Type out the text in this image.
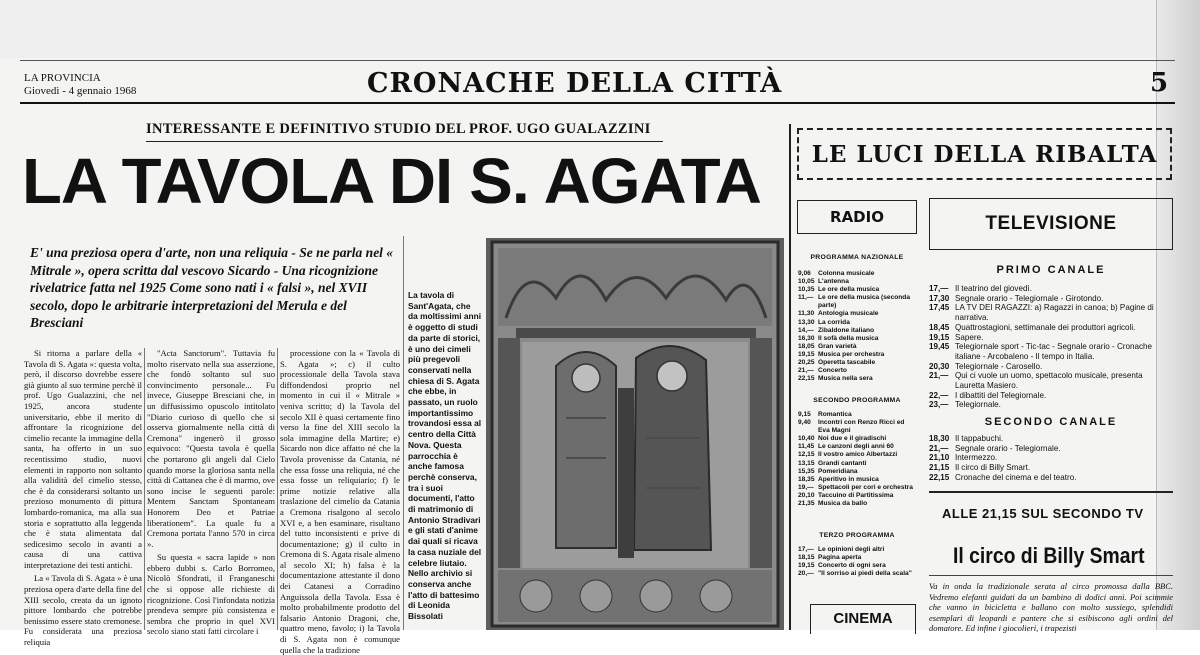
LA PROVINCIA
Giovedì - 4 gennaio 1968	CRONACHE DELLA CITTÀ	5
INTERESSANTE E DEFINITIVO STUDIO DEL PROF. UGO GUALAZZINI
LA TAVOLA DI S. AGATA
E' una preziosa opera d'arte, non una reliquia - Se ne parla nel « Mitrale », opera scritta dal vescovo Sicardo - Una ricognizione rivelatrice fatta nel 1925 Come sono nati i « falsi », nel XVII secolo, dopo le arbitrarie interpretazioni del Merula e del Bresciani

Si ritorna a parlare della « Tavola di S. Agata »: questa volta, però, il discorso dovrebbe essere già giunto al suo termine perchè il prof. Ugo Gualazzini, che nel 1925, ancora studente universitario, ebbe il merito di affrontare la ricognizione del cimelio recante la immagine della santa, ha offerto in un suo recentissimo studio, nuovi elementi in rapporto non soltanto alla validità del cimelio stesso, che è da considerarsi soltanto un prezioso monumento di pittura lombardo-romanica, ma alla sua storia e soprattutto alla leggenda che è stata alimentata dal sedicesimo secolo in avanti a causa di una cattiva interpretazione dei testi antichi.

La « Tavola di S. Agata » è una preziosa opera d'arte della fine del XIII secolo, creata da un ignoto pittore lombardo che potrebbe benissimo essere stato cremonese. Fu considerata una preziosa reliquia

"Acta Sanctorum". Tuttavia fu molto riservato nella sua asserzione, che fondò soltanto sul suo convincimento personale... Fu invece, Giuseppe Bresciani che, in un diffusissimo opuscolo intitolato "Diario curioso di quello che si osserva giornalmente nella città di Cremona" ingenerò il grosso equivoco: "Questa tavola è quella che portarono gli angeli dal Cielo quando morse la gloriosa santa nella città di Cattanea che è di marmo, ove sono incise le seguenti parole: Mentem Sanctam Spontaneam Honorem Deo et Patriae liberationem". La quale fu a Cremona portata l'anno 570 in circa ».

Su questa « sacra lapide » non ebbero dubbi s. Carlo Borromeo, Nicolò Sfondrati, il Franganeschi che si oppose alle richieste di ricognizione. Così l'infondata notizia prendeva sempre più consistenza e sembra che proprio in quel XVI secolo siano stati fatti circolare i

processione con la « Tavola di S. Agata »; c) il culto processionale della Tavola stava diffondendosi proprio nel momento in cui il « Mitrale » veniva scritto; d) la Tavola del secolo XII è quasi certamente fino verso la fine del XIII secolo la sola immagine della Martire; e) Sicardo non dice affatto né che la Tavola provenisse da Catania, né che essa fosse una reliquia, né che essa fosse un reliquiario; f) le prime notizie relative alla traslazione del cimelio da Catania a Cremona risalgono al secolo XVI e, a ben esaminare, risultano del tutto inconsistenti e prive di documentazione; g) il culto in Cremona di S. Agata risale almeno al secolo XI; h) falsa è la documentazione attestante il dono dei Catanesi a Corradino Anguissola della Tavola. Essa è molto probabilmente prodotto del falsario Antonio Dragoni, che, quattro meno, favolo; i) la Tavola di S. Agata non è comunque quella che la tradizione

La tavola di Sant'Agata, che da moltissimi anni è oggetto di studi da parte di storici, è uno dei cimeli più pregevoli conservati nella chiesa di S. Agata che ebbe, in passato, un ruolo importantissimo trovandosi essa al centro della Città Nova. Questa parrocchia è anche famosa perchè conserva, tra i suoi documenti, l'atto di matrimonio di Antonio Stradivari e gli stati d'anime dai quali si ricava la casa nuziale del celebre liutaio. Nello archivio si conserva anche l'atto di battesimo di Leonida Bissolati
LE LUCI DELLA RIBALTA
RADIO
PROGRAMMA NAZIONALE
9,06	Colonna musicale
10,05 L'antenna
10,35 Le ore della musica
11,— Le ore della musica (seconda parte)
11,30 Antologia musicale
13,30 La corrida
14,— Zibaldone italiano
16,30 Il sofà della musica
18,05 Gran varietà
19,15 Musica per orchestra
20,25 Operetta tascabile
21,— Concerto
22,15 Musica nella sera
SECONDO PROGRAMMA
9,15	Romantica
9,40	Incontri con Renzo Ricci ed Eva Magni
10,40 Noi due e il giradischi
11,45 Le canzoni degli anni 60
12,15 Il vostro amico Albertazzi
13,15 Grandi cantanti
15,35 Pomeridiana
18,35 Aperitivo in musica
19,— Spettacoli per cori e orchestra
20,10 Taccuino di Partitissima
21,35 Musica da ballo
TERZO PROGRAMMA
17,— Le opinioni degli altri
18,15 Pagina aperta
19,15 Concerto di ogni sera
20,— "Il sorriso ai piedi della scala"
TELEVISIONE
PRIMO CANALE
17,— Il teatrino del giovedì.
17,30 Segnale orario - Telegiornale - Girotondo.
17,45 LA TV DEI RAGAZZI: a) Ragazzi in canoa; b) Pagine di narrativa.
18,45 Quattrostagioni, settimanale dei produttori agricoli.
19,15 Sapere.
19,45 Telegiornale sport - Tic-tac - Segnale orario - Cronache italiane - Arcobaleno - Il tempo in Italia.
20,30 Telegiornale - Carosello.
21,— Qui ci vuole un uomo, spettacolo musicale, presenta Lauretta Masiero.
22,— I dibattiti del Telegiornale.
23,— Telegiornale.
SECONDO CANALE
18,30 Il tappabuchi.
21,— Segnale orario - Telegiornale.
21,10 Intermezzo.
21,15 Il circo di Billy Smart.
22,15 Cronache del cinema e del teatro.
ALLE 21,15 SUL SECONDO TV
Il circo di Billy Smart
Va in onda la tradizionale serata al circo promossa dalla BBC. Vedremo elefanti guidati da un bambino di dodici anni. Poi scimmie che vanno in bicicletta e ballano con molto sussiego, splendidi esemplari di leopardi e pantere che si esibiscono agli ordini del domatore. Ed infine i giocolieri, i trapezisti
CINEMA
